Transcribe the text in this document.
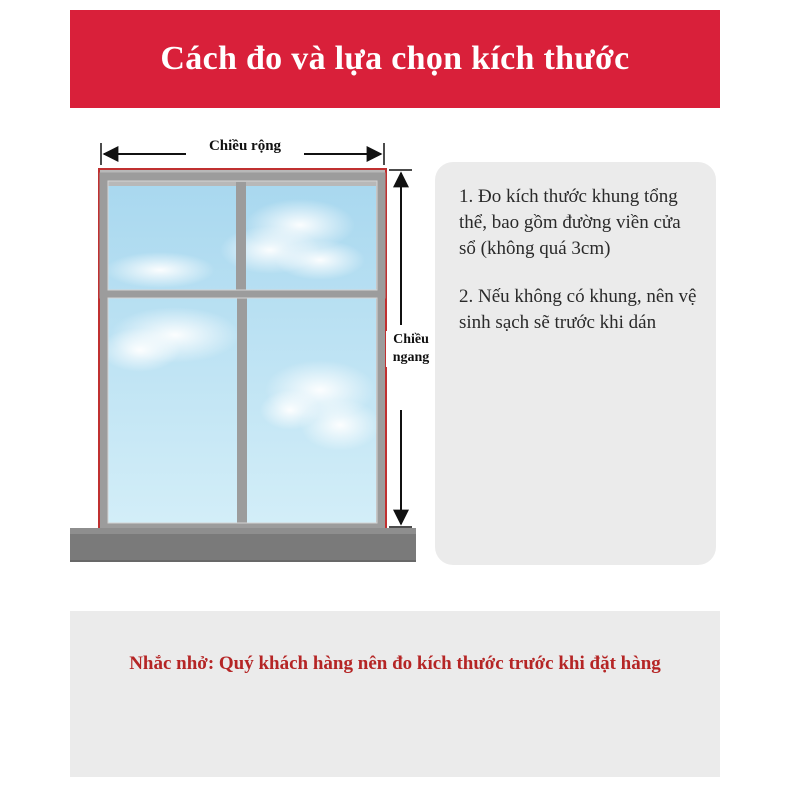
Cách đo và lựa chọn kích thước
Chiều rộng
Chiều
ngang

1. Đo kích thước khung tổng thể, bao gồm đường viền cửa sổ (không quá 3cm)

2. Nếu không có khung, nên vệ sinh sạch sẽ trước khi dán

Nhắc nhở: Quý khách hàng nên đo kích thước trước khi đặt hàng
